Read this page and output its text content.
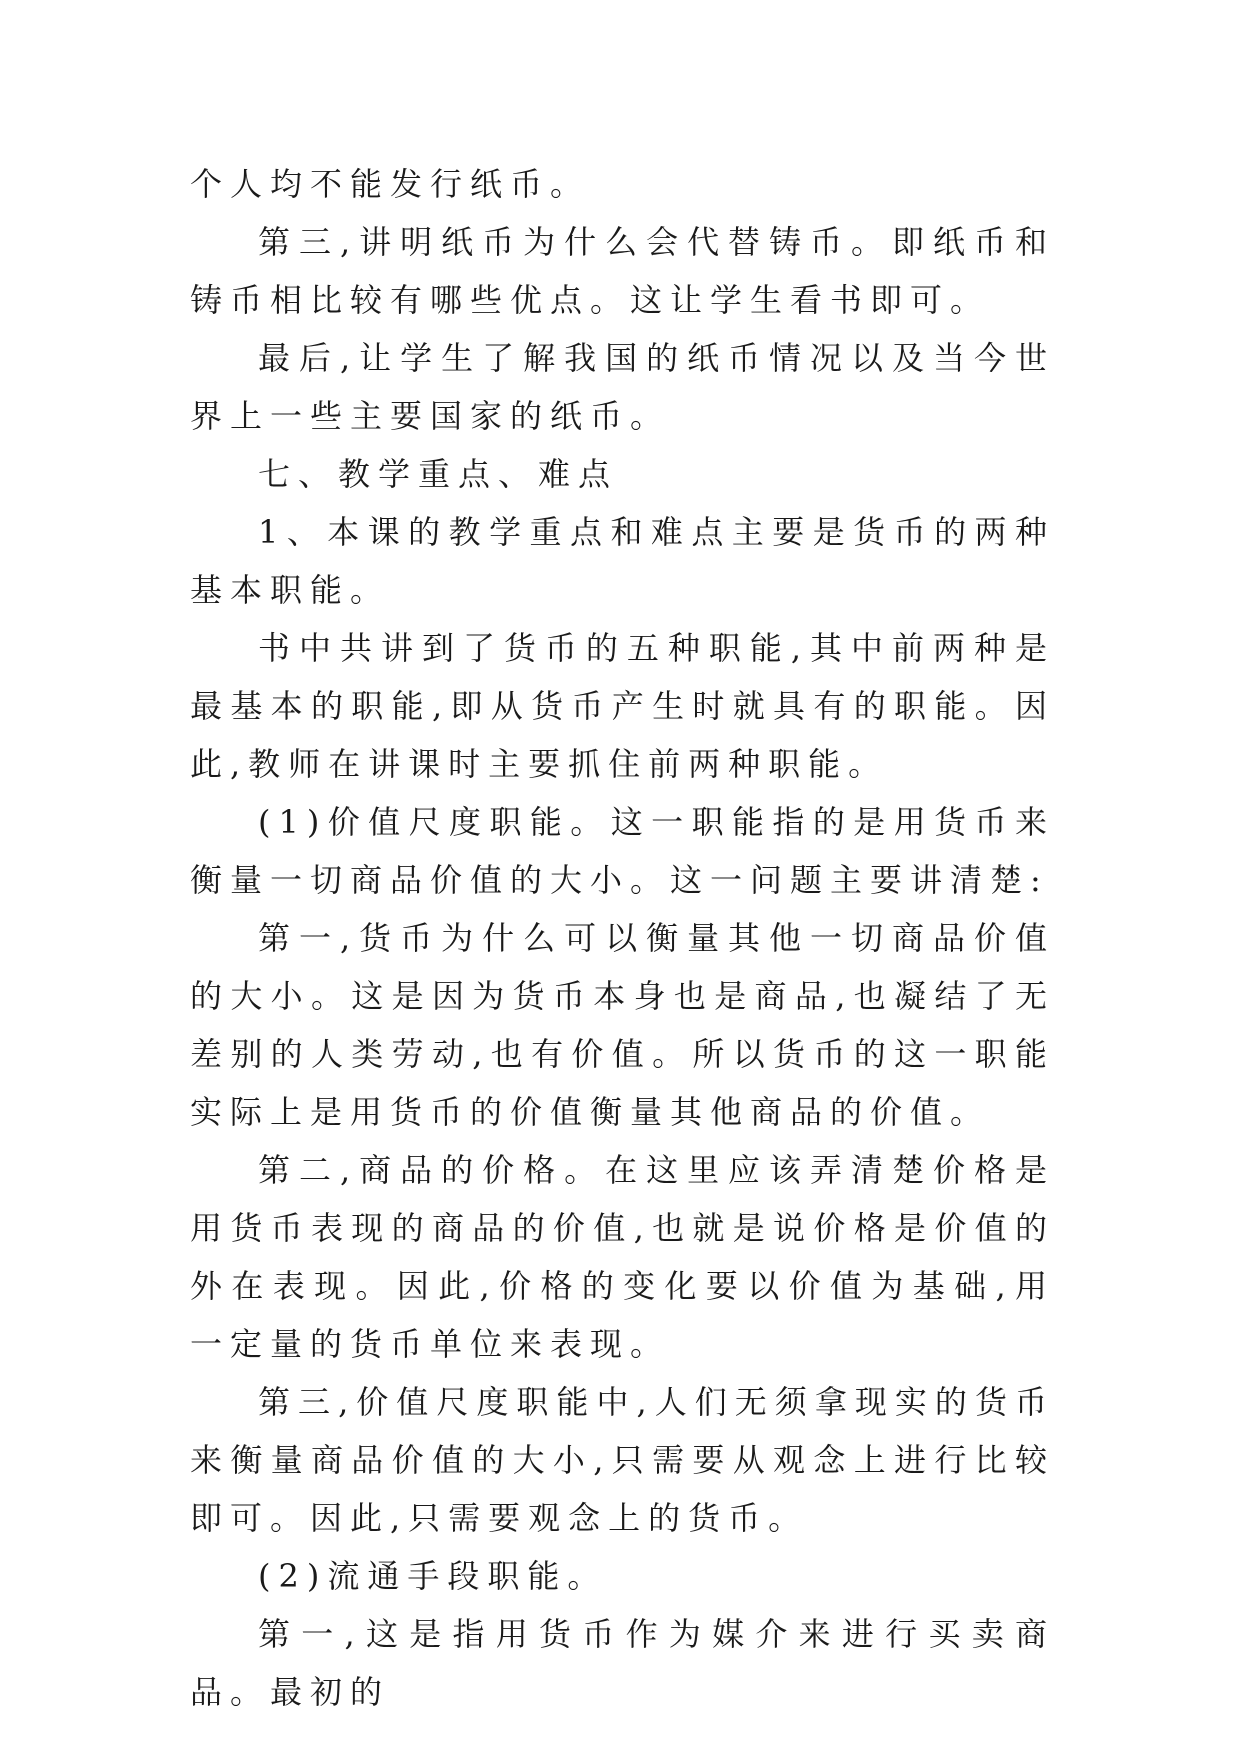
个人均不能发行纸币。

第三,讲明纸币为什么会代替铸币。即纸币和铸币相比较有哪些优点。这让学生看书即可。

最后,让学生了解我国的纸币情况以及当今世界上一些主要国家的纸币。

七、教学重点、难点

1、本课的教学重点和难点主要是货币的两种基本职能。

书中共讲到了货币的五种职能,其中前两种是最基本的职能,即从货币产生时就具有的职能。因此,教师在讲课时主要抓住前两种职能。

(1)价值尺度职能。这一职能指的是用货币来衡量一切商品价值的大小。这一问题主要讲清楚:

第一,货币为什么可以衡量其他一切商品价值的大小。这是因为货币本身也是商品,也凝结了无差别的人类劳动,也有价值。所以货币的这一职能实际上是用货币的价值衡量其他商品的价值。

第二,商品的价格。在这里应该弄清楚价格是用货币表现的商品的价值,也就是说价格是价值的外在表现。因此,价格的变化要以价值为基础,用一定量的货币单位来表现。

第三,价值尺度职能中,人们无须拿现实的货币来衡量商品价值的大小,只需要从观念上进行比较即可。因此,只需要观念上的货币。

(2)流通手段职能。

第一,这是指用货币作为媒介来进行买卖商品。最初的
